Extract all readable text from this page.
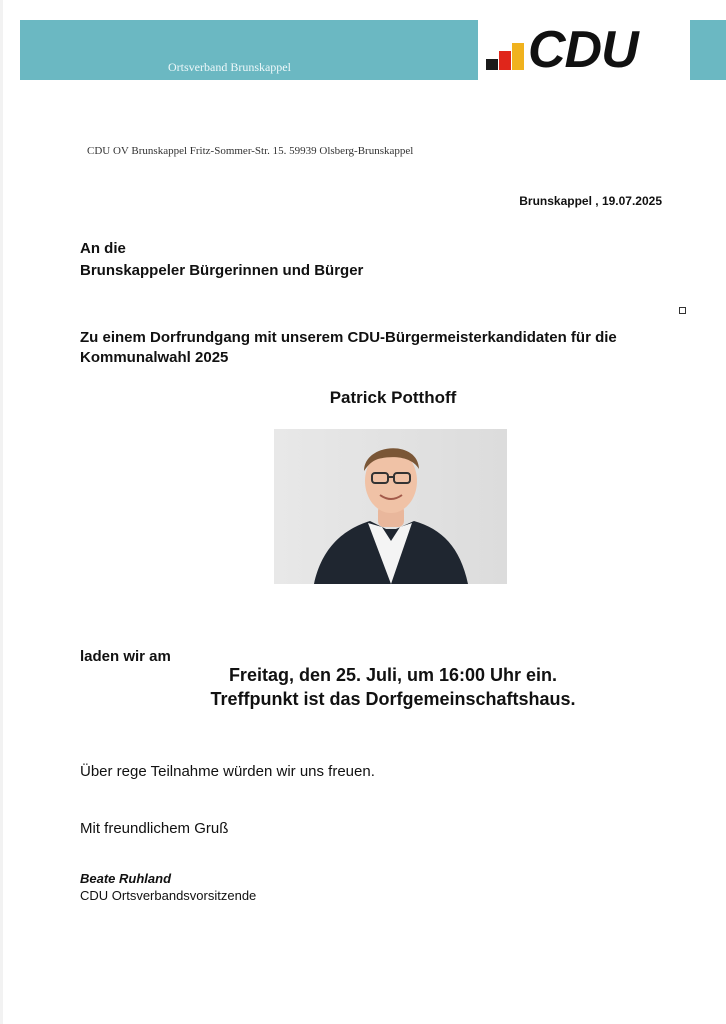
Ortsverband Brunskappel	CDU
CDU OV Brunskappel Fritz-Sommer-Str. 15. 59939 Olsberg-Brunskappel
Brunskappel , 19.07.2025
An die
Brunskappeler Bürgerinnen und Bürger
Zu einem Dorfrundgang mit unserem CDU-Bürgermeisterkandidaten für die Kommunalwahl 2025
Patrick Potthoff
laden wir am
Freitag, den 25. Juli, um 16:00 Uhr ein.
Treffpunkt ist das Dorfgemeinschaftshaus.
Über rege Teilnahme würden wir uns freuen.
Mit freundlichem Gruß
Beate Ruhland
CDU Ortsverbandsvorsitzende
